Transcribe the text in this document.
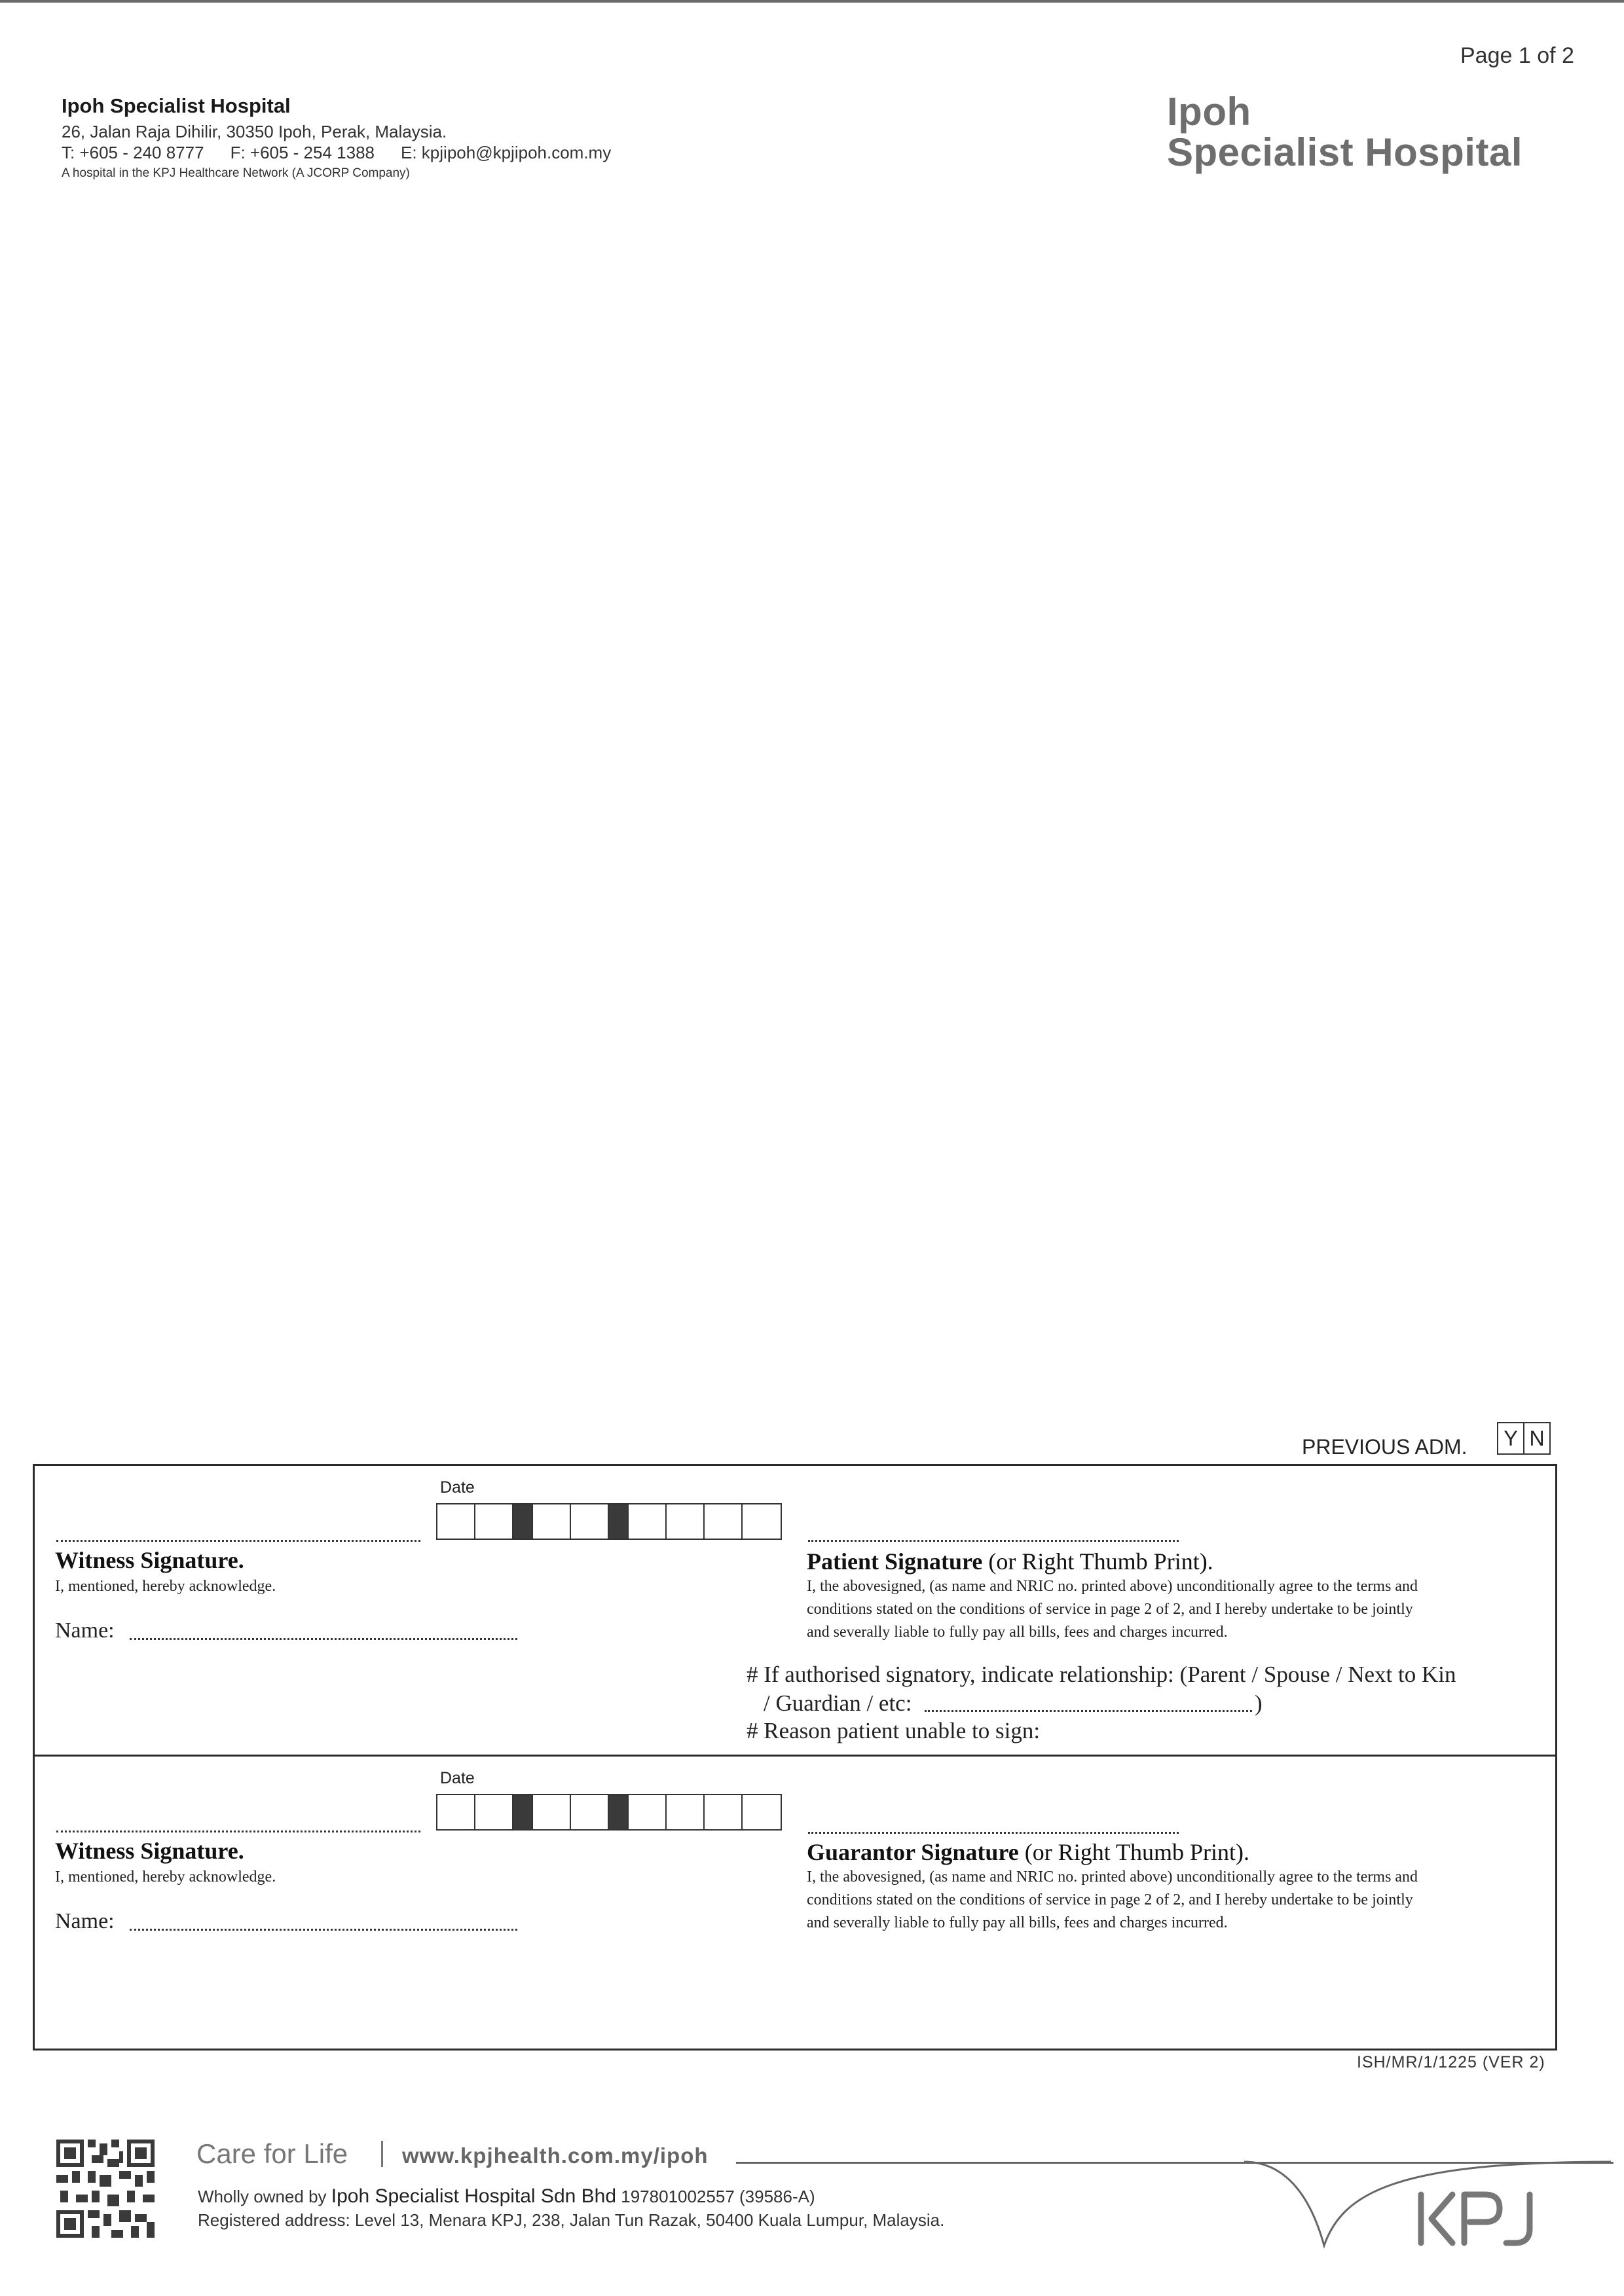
Page 1 of 2
Ipoh Specialist Hospital
26, Jalan Raja Dihilir, 30350 Ipoh, Perak, Malaysia.
T: +605 - 240 8777 F: +605 - 254 1388 E: kpjipoh@kpjipoh.com.my
A hospital in the KPJ Healthcare Network (A JCORP Company)
Ipoh
Specialist Hospital
PREVIOUS ADM.	Y N
Date
Witness Signature.
I, mentioned, hereby acknowledge.
Name:
Patient Signature (or Right Thumb Print).
I, the abovesigned, (as name and NRIC no. printed above) unconditionally agree to the terms and
conditions stated on the conditions of service in page 2 of 2, and I hereby undertake to be jointly
and severally liable to fully pay all bills, fees and charges incurred.
# If authorised signatory, indicate relationship: (Parent / Spouse / Next to Kin
/ Guardian / etc:	)
# Reason patient unable to sign:
Date
Witness Signature.
I, mentioned, hereby acknowledge.
Name:
Guarantor Signature (or Right Thumb Print).
I, the abovesigned, (as name and NRIC no. printed above) unconditionally agree to the terms and
conditions stated on the conditions of service in page 2 of 2, and I hereby undertake to be jointly
and severally liable to fully pay all bills, fees and charges incurred.
ISH/MR/1/1225 (VER 2)
Care for Life	www.kpjhealth.com.my/ipoh
Wholly owned by Ipoh Specialist Hospital Sdn Bhd 197801002557 (39586-A)
Registered address: Level 13, Menara KPJ, 238, Jalan Tun Razak, 50400 Kuala Lumpur, Malaysia.
